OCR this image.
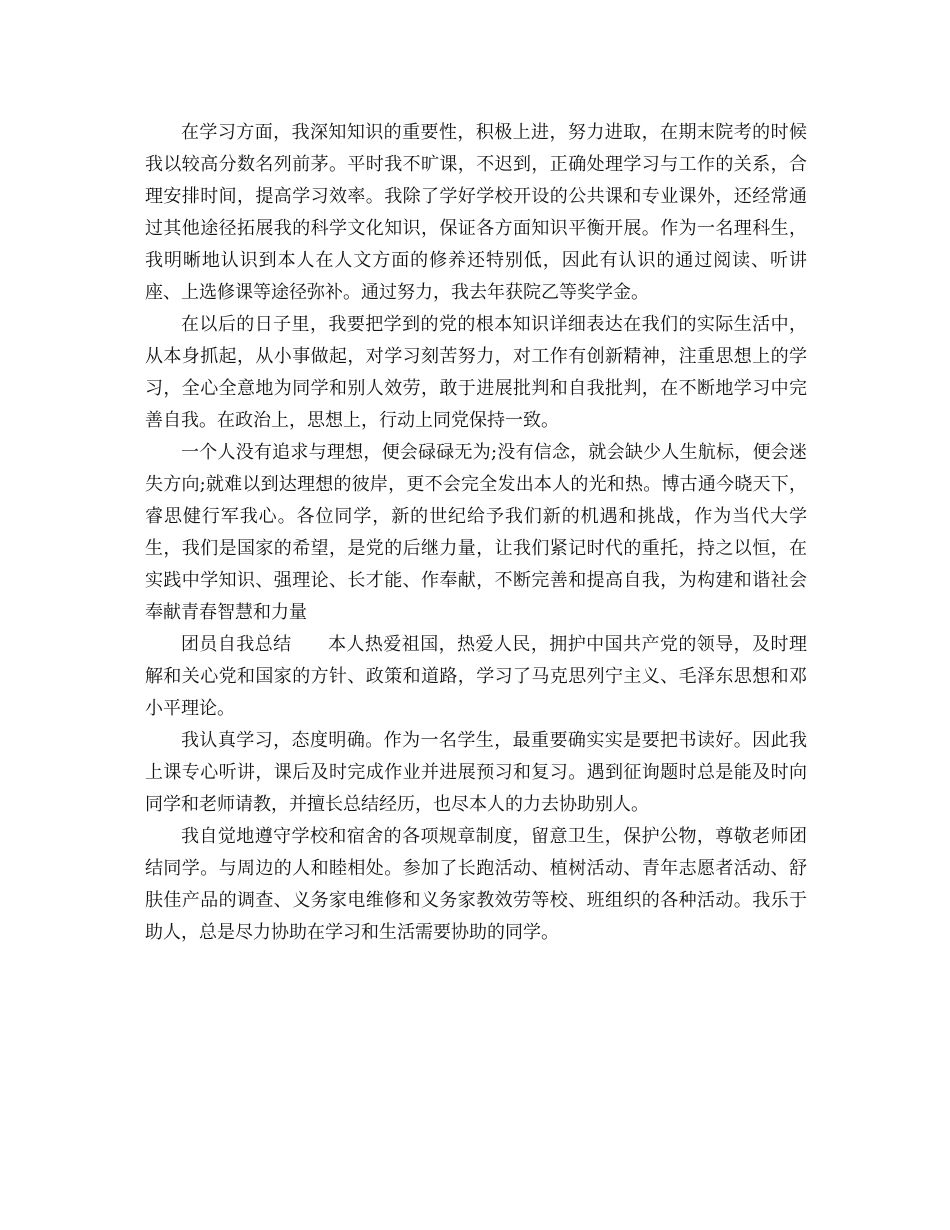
在学习方面，我深知知识的重要性，积极上进，努力进取，在期末院考的时候我以较高分数名列前茅。平时我不旷课，不迟到，正确处理学习与工作的关系，合理安排时间，提高学习效率。我除了学好学校开设的公共课和专业课外，还经常通过其他途径拓展我的科学文化知识，保证各方面知识平衡开展。作为一名理科生，我明晰地认识到本人在人文方面的修养还特别低，因此有认识的通过阅读、听讲座、上选修课等途径弥补。通过努力，我去年获院乙等奖学金。

在以后的日子里，我要把学到的党的根本知识详细表达在我们的实际生活中，从本身抓起，从小事做起，对学习刻苦努力，对工作有创新精神，注重思想上的学习，全心全意地为同学和别人效劳，敢于进展批判和自我批判，在不断地学习中完善自我。在政治上，思想上，行动上同党保持一致。

一个人没有追求与理想，便会碌碌无为;没有信念，就会缺少人生航标，便会迷失方向;就难以到达理想的彼岸，更不会完全发出本人的光和热。博古通今晓天下，睿思健行军我心。各位同学，新的世纪给予我们新的机遇和挑战，作为当代大学生，我们是国家的希望，是党的后继力量，让我们紧记时代的重托，持之以恒，在实践中学知识、强理论、长才能、作奉献，不断完善和提高自我，为构建和谐社会奉献青春智慧和力量

团员自我总结 本人热爱祖国，热爱人民，拥护中国共产党的领导，及时理解和关心党和国家的方针、政策和道路，学习了马克思列宁主义、毛泽东思想和邓小平理论。

我认真学习，态度明确。作为一名学生，最重要确实实是要把书读好。因此我上课专心听讲，课后及时完成作业并进展预习和复习。遇到征询题时总是能及时向同学和老师请教，并擅长总结经历，也尽本人的力去协助别人。

我自觉地遵守学校和宿舍的各项规章制度，留意卫生，保护公物，尊敬老师团结同学。与周边的人和睦相处。参加了长跑活动、植树活动、青年志愿者活动、舒肤佳产品的调查、义务家电维修和义务家教效劳等校、班组织的各种活动。我乐于助人，总是尽力协助在学习和生活需要协助的同学。
